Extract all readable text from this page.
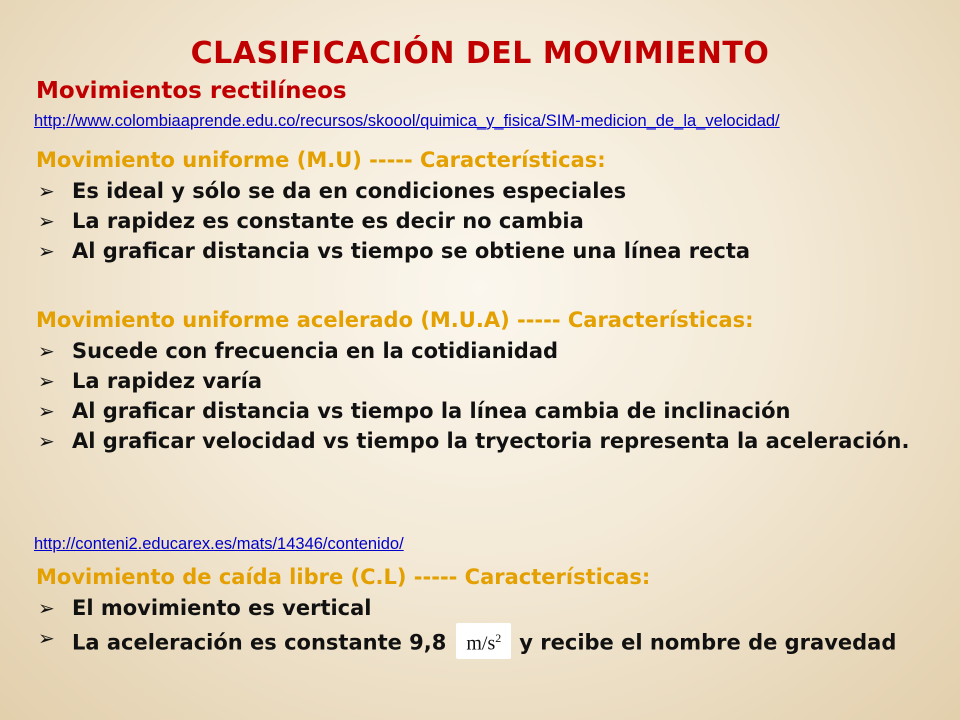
CLASIFICACIÓN DEL MOVIMIENTO
Movimientos rectilíneos
http://www.colombiaaprende.edu.co/recursos/skoool/quimica_y_fisica/SIM-medicion_de_la_velocidad/
Movimiento uniforme (M.U) ----- Características:
➢ Es ideal y sólo se da en condiciones especiales
➢ La rapidez es constante es decir no cambia
➢ Al graficar distancia vs tiempo se obtiene una línea recta
Movimiento uniforme acelerado (M.U.A) ----- Características:
➢ Sucede con frecuencia en la cotidianidad
➢ La rapidez varía
➢ Al graficar distancia vs tiempo la línea cambia de inclinación
➢ Al graficar velocidad vs tiempo la tryectoria representa la aceleración.
http://conteni2.educarex.es/mats/14346/contenido/
Movimiento de caída libre (C.L) ----- Características:
➢ El movimiento es vertical
➢ La aceleración es constante 9,8 $m/s^2$ y recibe el nombre de gravedad
